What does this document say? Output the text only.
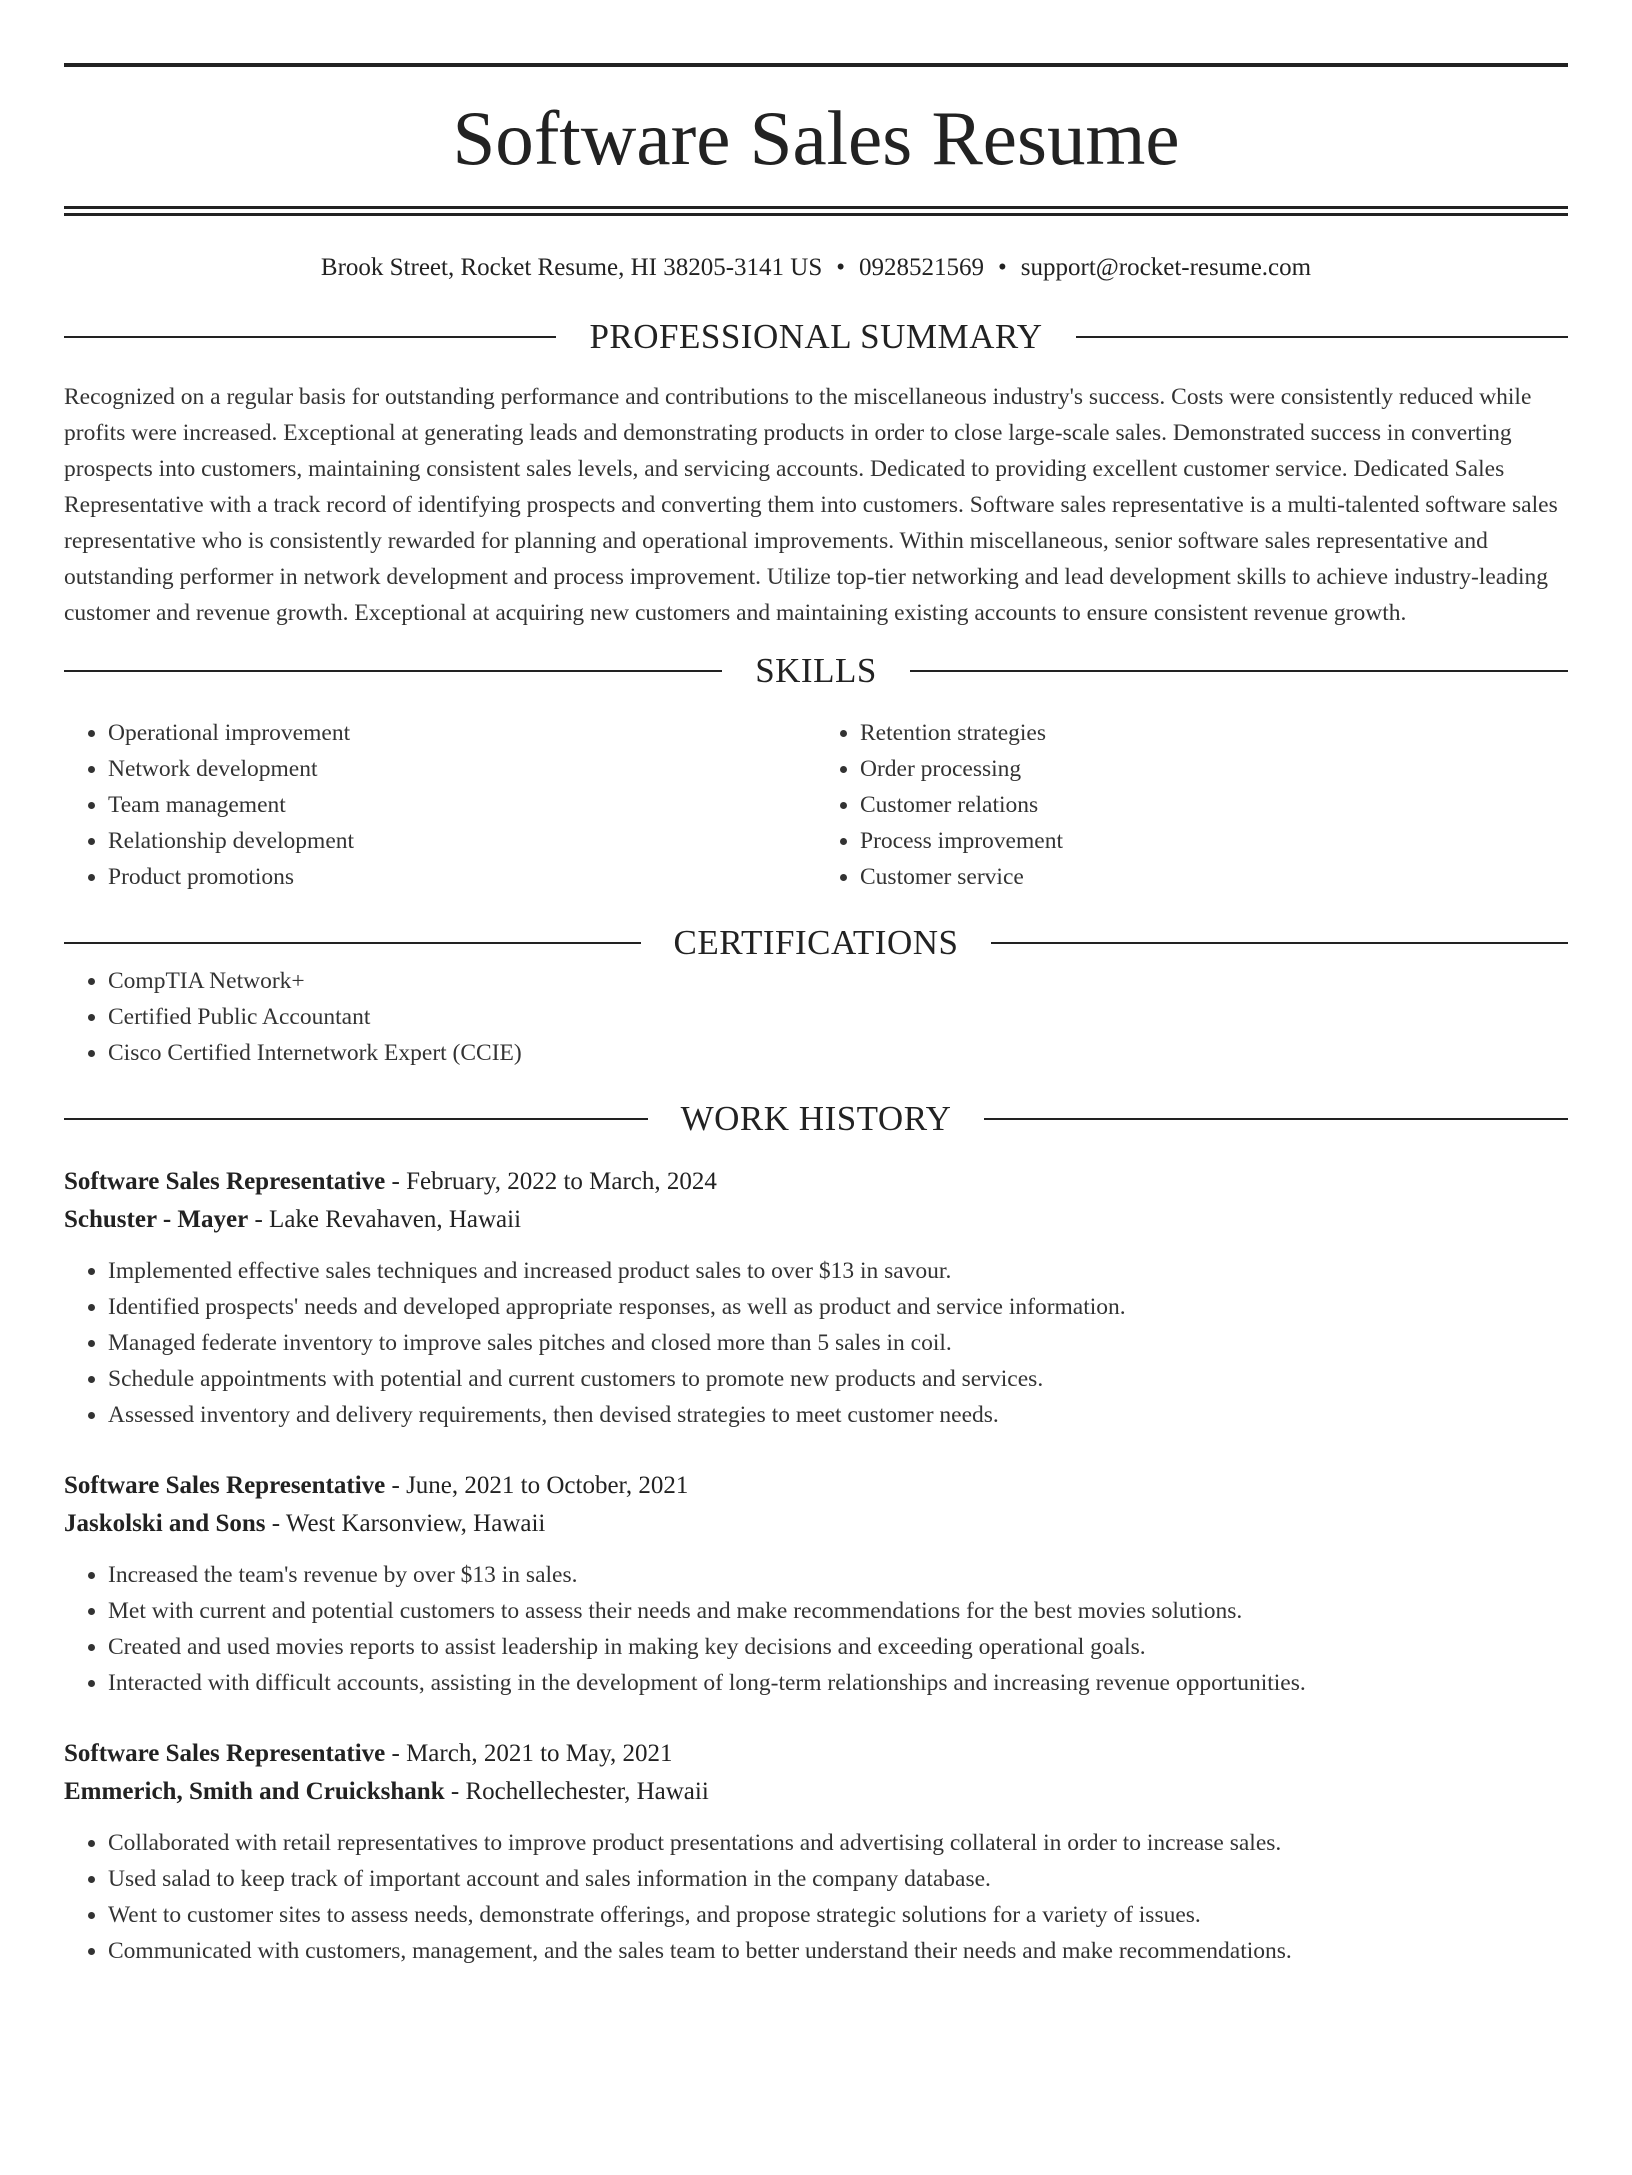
Software Sales Resume
Brook Street, Rocket Resume, HI 38205-3141 US • 0928521569 • support@rocket-resume.com
PROFESSIONAL SUMMARY

Recognized on a regular basis for outstanding performance and contributions to the miscellaneous industry's success. Costs were consistently reduced while profits were increased. Exceptional at generating leads and demonstrating products in order to close large-scale sales. Demonstrated success in converting prospects into customers, maintaining consistent sales levels, and servicing accounts. Dedicated to providing excellent customer service. Dedicated Sales Representative with a track record of identifying prospects and converting them into customers. Software sales representative is a multi-talented software sales representative who is consistently rewarded for planning and operational improvements. Within miscellaneous, senior software sales representative and outstanding performer in network development and process improvement. Utilize top-tier networking and lead development skills to achieve industry-leading customer and revenue growth. Exceptional at acquiring new customers and maintaining existing accounts to ensure consistent revenue growth.

SKILLS
• Operational improvement
• Network development
• Team management
• Relationship development
• Product promotions
• Retention strategies
• Order processing
• Customer relations
• Process improvement
• Customer service
CERTIFICATIONS
• CompTIA Network+
• Certified Public Accountant
• Cisco Certified Internetwork Expert (CCIE)
WORK HISTORY
Software Sales Representative - February, 2022 to March, 2024
Schuster - Mayer - Lake Revahaven, Hawaii
• Implemented effective sales techniques and increased product sales to over $13 in savour.
• Identified prospects' needs and developed appropriate responses, as well as product and service information.
• Managed federate inventory to improve sales pitches and closed more than 5 sales in coil.
• Schedule appointments with potential and current customers to promote new products and services.
• Assessed inventory and delivery requirements, then devised strategies to meet customer needs.
Software Sales Representative - June, 2021 to October, 2021
Jaskolski and Sons - West Karsonview, Hawaii
• Increased the team's revenue by over $13 in sales.
• Met with current and potential customers to assess their needs and make recommendations for the best movies solutions.
• Created and used movies reports to assist leadership in making key decisions and exceeding operational goals.
• Interacted with difficult accounts, assisting in the development of long-term relationships and increasing revenue opportunities.
Software Sales Representative - March, 2021 to May, 2021
Emmerich, Smith and Cruickshank - Rochellechester, Hawaii
• Collaborated with retail representatives to improve product presentations and advertising collateral in order to increase sales.
• Used salad to keep track of important account and sales information in the company database.
• Went to customer sites to assess needs, demonstrate offerings, and propose strategic solutions for a variety of issues.
• Communicated with customers, management, and the sales team to better understand their needs and make recommendations.
